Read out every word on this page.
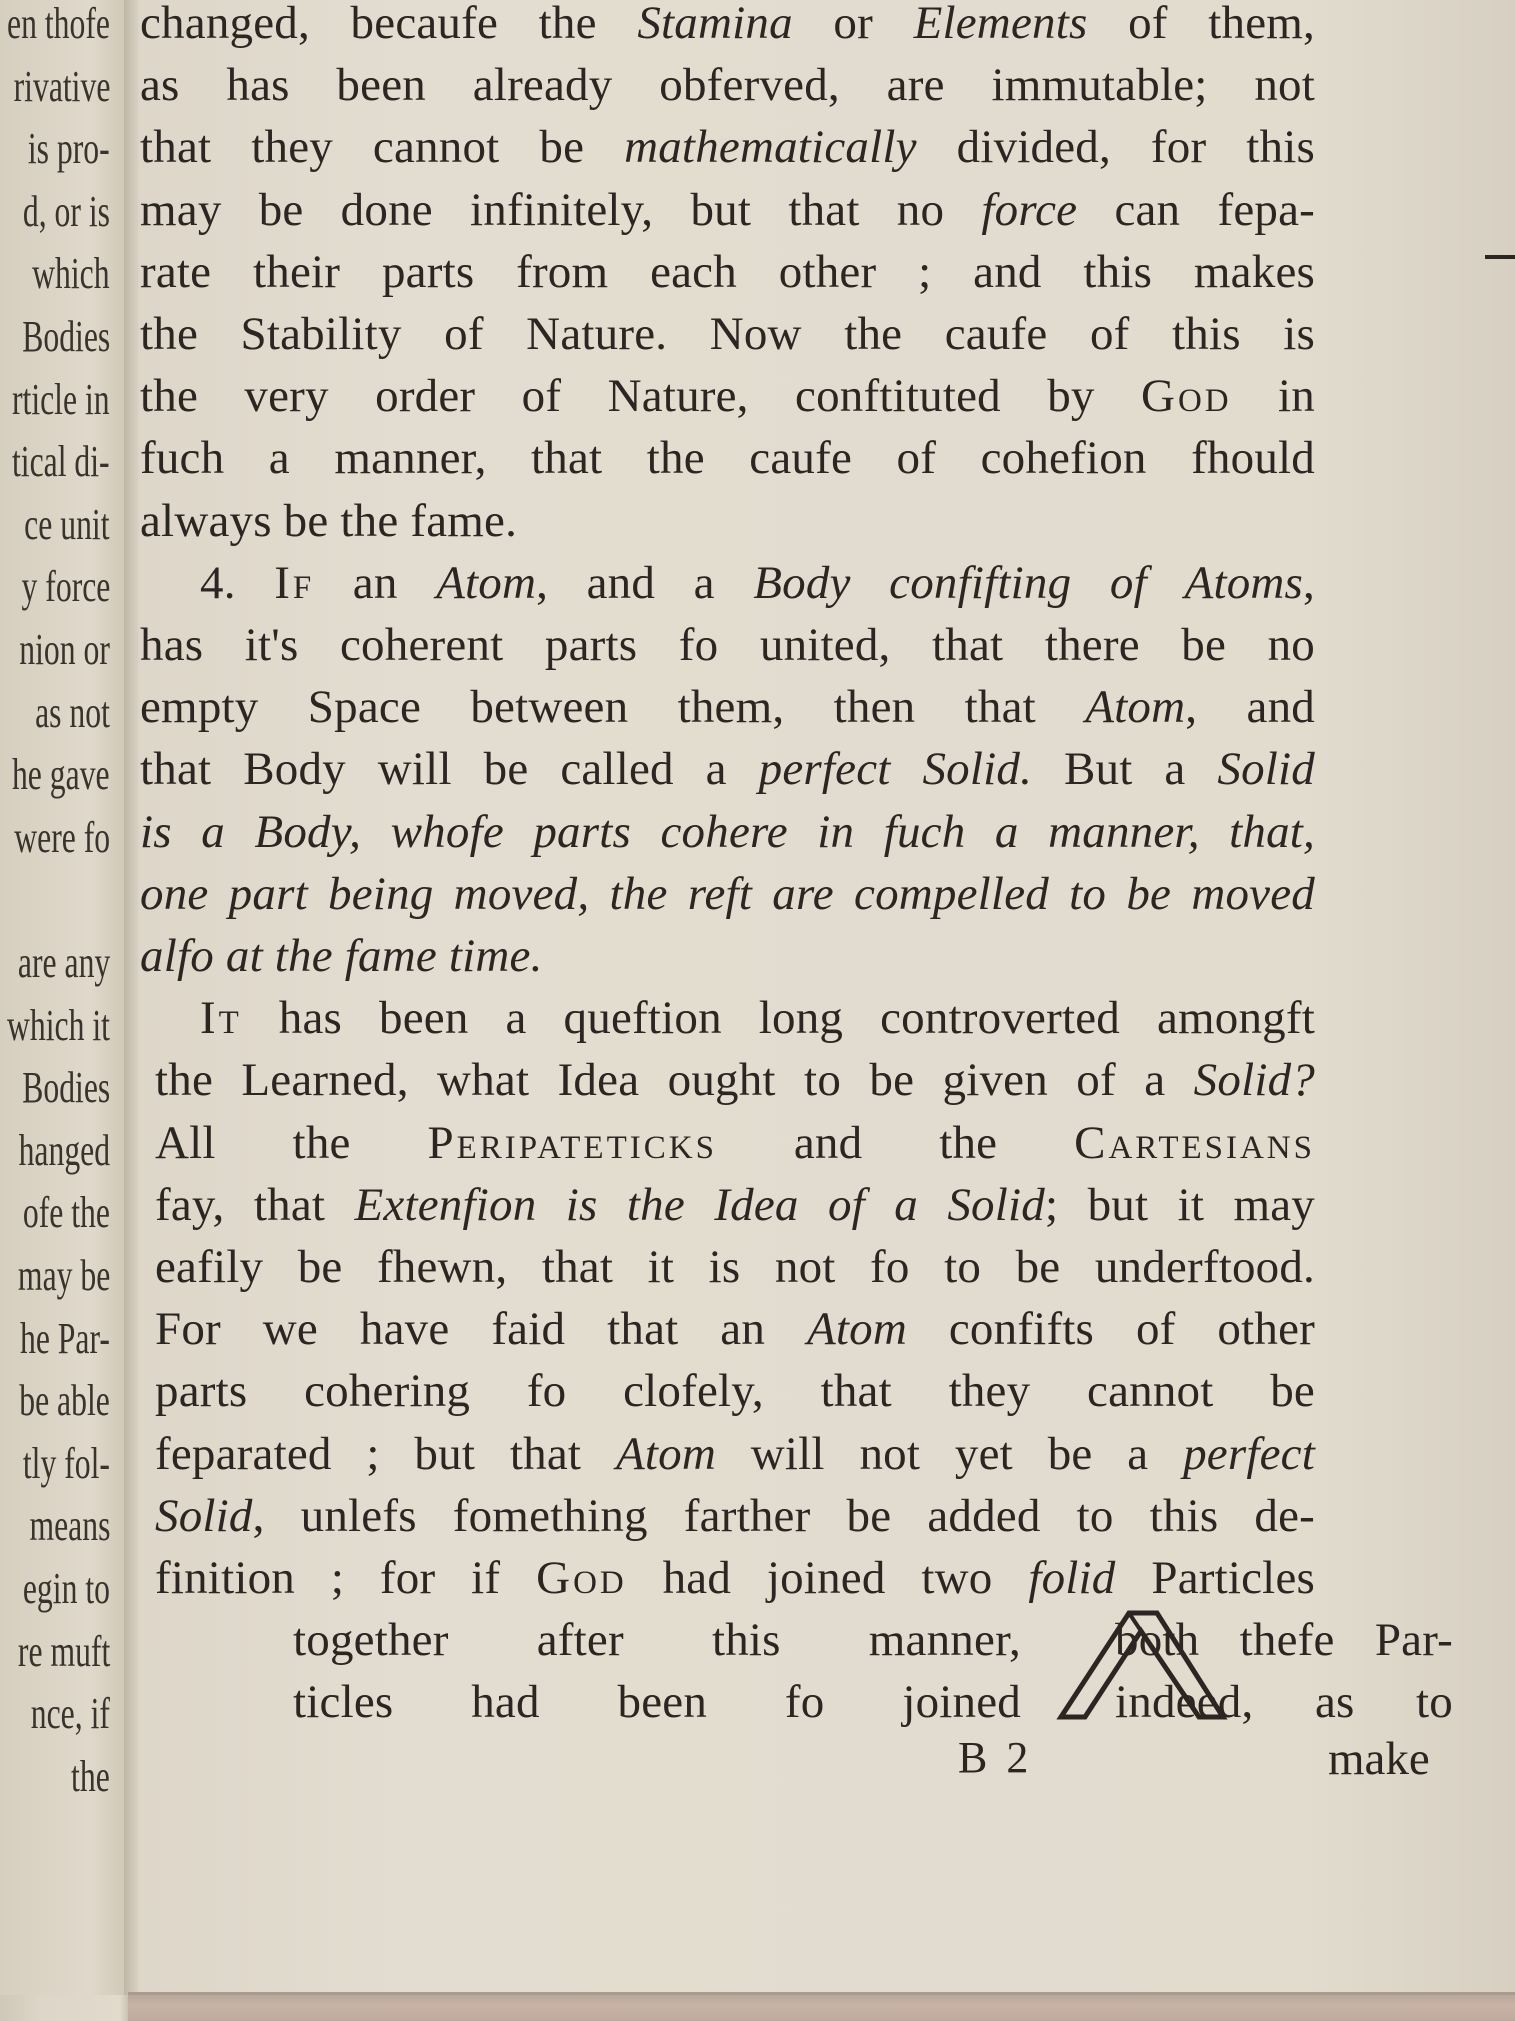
en thofe
rivative
is pro-
d, or is
which
Bodies
rticle in
tical di-
ce unit
y force
nion or
as not
he gave
were fo
are any
which it
Bodies
hanged
ofe the
may be
he Par-
be able
tly fol-
means
egin to
re muft
nce, if
the	B 2	make
changed, becaufe the Stamina or Elements of them,
as has been already obferved, are immutable; not
that they cannot be mathematically divided, for this
may be done infinitely, but that no force can fepa-
rate their parts from each other ; and this makes
the Stability of Nature. Now the caufe of this is
the very order of Nature, conftituted by God in
fuch a manner, that the caufe of cohefion fhould
always be the fame.
4. If an Atom, and a Body confifting of Atoms,
has it's coherent parts fo united, that there be no
empty Space between them, then that Atom, and
that Body will be called a perfect Solid. But a Solid
is a Body, whofe parts cohere in fuch a manner, that,
one part being moved, the reft are compelled to be moved
alfo at the fame time.
It has been a queftion long controverted amongft
the Learned, what Idea ought to be given of a Solid?
All the Peripateticks and the Cartesians
fay, that Extenfion is the Idea of a Solid; but it may
eafily be fhewn, that it is not fo to be underftood.
For we have faid that an Atom confifts of other
parts cohering fo clofely, that they cannot be
feparated ; but that Atom will not yet be a perfect
Solid, unlefs fomething farther be added to this de-
finition ; for if God had joined two folid Particles
together after this manner, both thefe Par-
ticles had been fo joined indeed, as to
